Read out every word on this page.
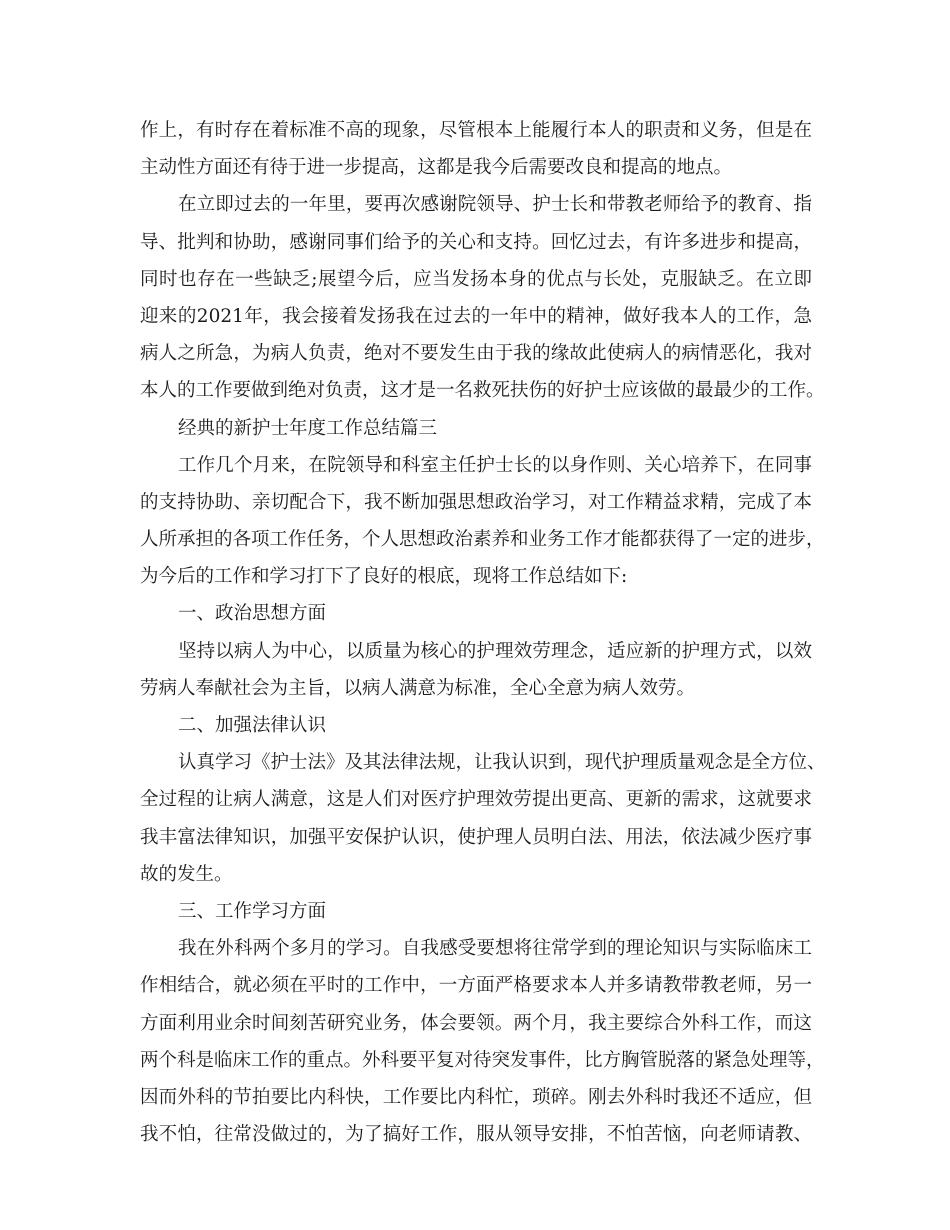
作上，有时存在着标准不高的现象，尽管根本上能履行本人的职责和义务，但是在
主动性方面还有待于进一步提高，这都是我今后需要改良和提高的地点。
在立即过去的一年里，要再次感谢院领导、护士长和带教老师给予的教育、指
导、批判和协助，感谢同事们给予的关心和支持。回忆过去，有许多进步和提高，
同时也存在一些缺乏;展望今后，应当发扬本身的优点与长处，克服缺乏。在立即
迎来的2021年，我会接着发扬我在过去的一年中的精神，做好我本人的工作，急
病人之所急，为病人负责，绝对不要发生由于我的缘故此使病人的病情恶化，我对
本人的工作要做到绝对负责，这才是一名救死扶伤的好护士应该做的最最少的工作。
经典的新护士年度工作总结篇三
工作几个月来，在院领导和科室主任护士长的以身作则、关心培养下，在同事
的支持协助、亲切配合下，我不断加强思想政治学习，对工作精益求精，完成了本
人所承担的各项工作任务，个人思想政治素养和业务工作才能都获得了一定的进步，
为今后的工作和学习打下了良好的根底，现将工作总结如下:
一、政治思想方面
坚持以病人为中心，以质量为核心的护理效劳理念，适应新的护理方式，以效
劳病人奉献社会为主旨，以病人满意为标准，全心全意为病人效劳。
二、加强法律认识
认真学习《护士法》及其法律法规，让我认识到，现代护理质量观念是全方位、
全过程的让病人满意，这是人们对医疗护理效劳提出更高、更新的需求，这就要求
我丰富法律知识，加强平安保护认识，使护理人员明白法、用法，依法减少医疗事
故的发生。
三、工作学习方面
我在外科两个多月的学习。自我感受要想将往常学到的理论知识与实际临床工
作相结合，就必须在平时的工作中，一方面严格要求本人并多请教带教老师，另一
方面利用业余时间刻苦研究业务，体会要领。两个月，我主要综合外科工作，而这
两个科是临床工作的重点。外科要平复对待突发事件，比方胸管脱落的紧急处理等，
因而外科的节拍要比内科快，工作要比内科忙，琐碎。刚去外科时我还不适应，但
我不怕，往常没做过的，为了搞好工作，服从领导安排，不怕苦恼，向老师请教、
